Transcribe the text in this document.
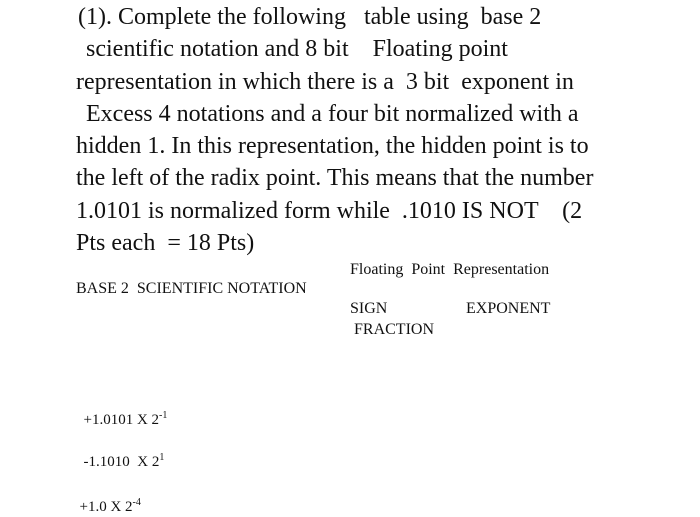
(1). Complete the following   table using  base 2
scientific notation and 8 bit    Floating point
representation in which there is a  3 bit  exponent in
Excess 4 notations and a four bit normalized with a
hidden 1. In this representation, the hidden point is to
the left of the radix point. This means that the number
1.0101 is normalized form while  .1010 IS NOT    (2
Pts each  = 18 Pts)
Floating  Point  Representation
BASE 2  SCIENTIFIC NOTATION
SIGN	EXPONENT
FRACTION

+1.0101 X $2^{-1}$

-1.1010  X $2^1$

+1.0 X $2^{-4}$
